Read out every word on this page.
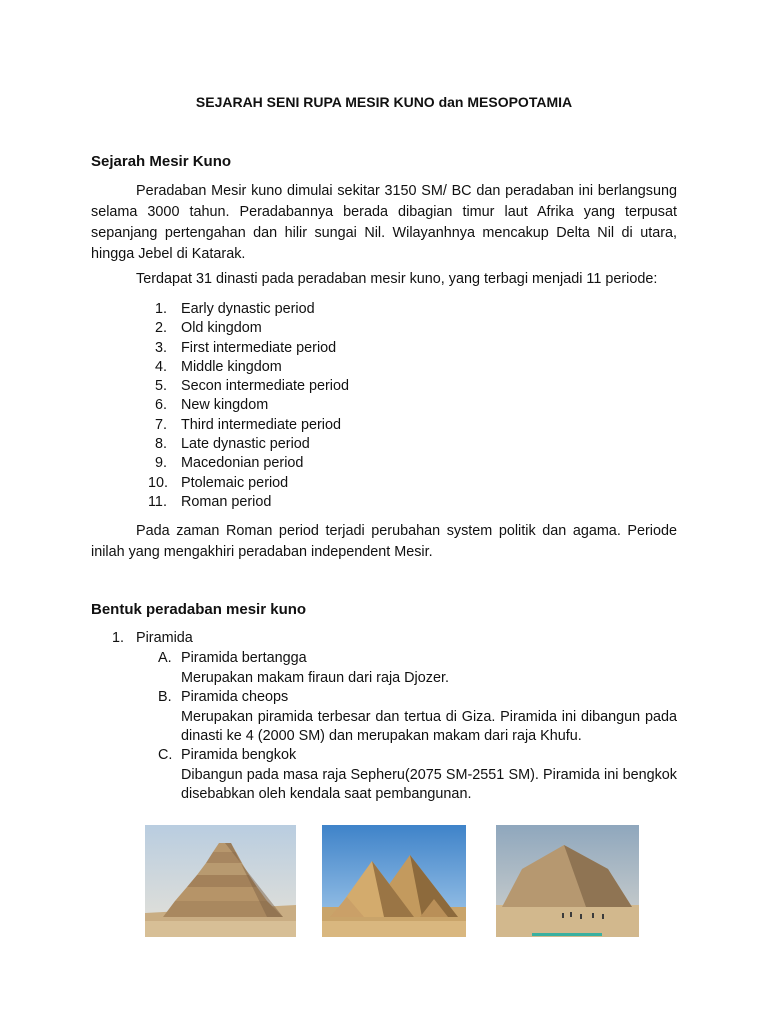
SEJARAH SENI RUPA MESIR KUNO dan MESOPOTAMIA
Sejarah Mesir Kuno

Peradaban Mesir kuno dimulai sekitar 3150 SM/ BC dan peradaban ini berlangsung selama 3000 tahun. Peradabannya berada dibagian timur laut Afrika yang terpusat sepanjang pertengahan dan hilir sungai Nil. Wilayanhnya mencakup Delta Nil di utara, hingga Jebel di Katarak.

Terdapat 31 dinasti pada peradaban mesir kuno, yang terbagi menjadi 11 periode:

1. Early dynastic period
2. Old kingdom
3. First intermediate period
4. Middle kingdom
5. Secon intermediate period
6. New kingdom
7. Third intermediate period
8. Late dynastic period
9. Macedonian period
10. Ptolemaic period
11. Roman period

Pada zaman Roman period terjadi perubahan system politik dan agama. Periode inilah yang mengakhiri peradaban independent Mesir.

Bentuk peradaban mesir kuno
1. Piramida
A. Piramida bertangga
Merupakan makam firaun dari raja Djozer.
B. Piramida cheops
Merupakan piramida terbesar dan tertua di Giza. Piramida ini dibangun pada dinasti ke 4 (2000 SM) dan merupakan makam dari raja Khufu.
C. Piramida bengkok
Dibangun pada masa raja Sepheru(2075 SM-2551 SM). Piramida ini bengkok disebabkan oleh kendala saat pembangunan.
